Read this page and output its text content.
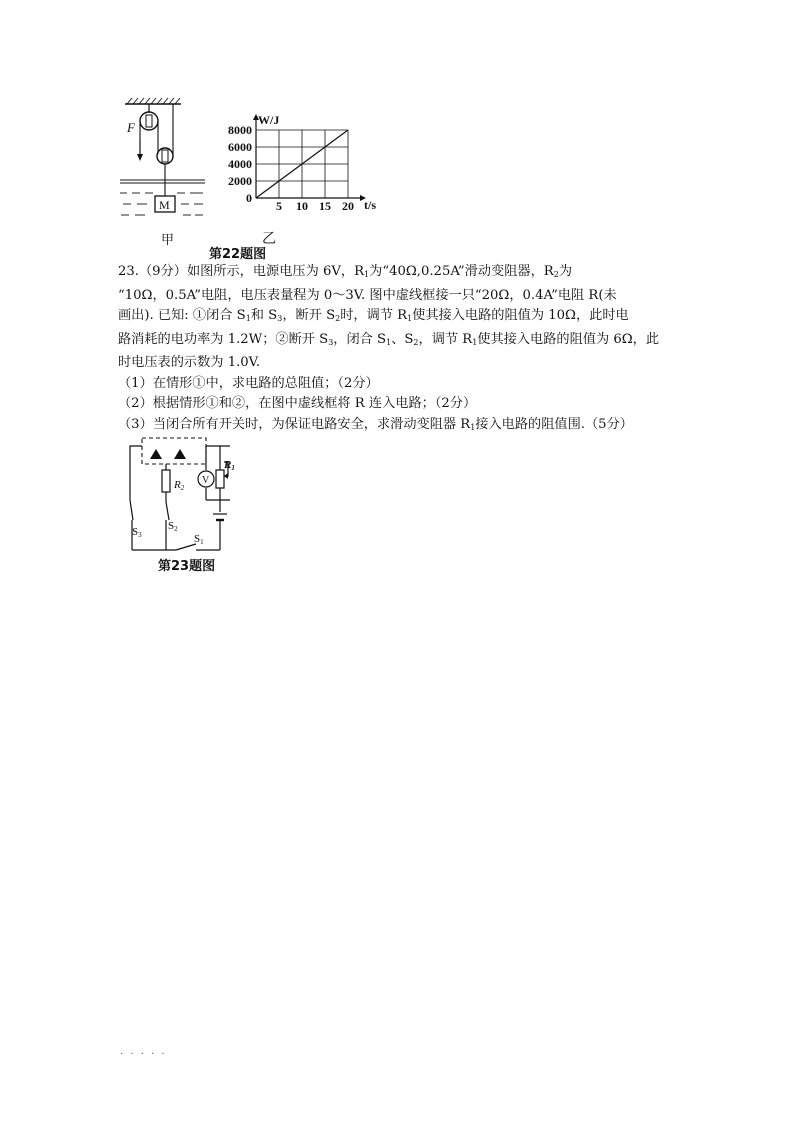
F
M
甲
5 10 15 20
8000
6000
4000
2000
0
W/J
t/s
乙
第22题图

23.（9分）如图所示，电源电压为 6V，$R_1$为“40Ω,0.25A”滑动变阻器，$R_2$为

“10Ω，0.5A”电阻，电压表量程为 0～3V. 图中虚线框接一只“20Ω，0.4A”电阻 R(未

画出). 已知: ①闭合 $S_1$和 $S_3$，断开 $S_2$时，调节 $R_1$使其接入电路的阻值为 10Ω，此时电

路消耗的电功率为 1.2W；②断开 $S_3$，闭合 $S_1$、$S_2$，调节 $R_1$使其接入电路的阻值为 6Ω，此

时电压表的示数为 1.0V.

（1）在情形①中，求电路的总阻值；（2分）

（2）根据情形①和②，在图中虚线框将 R 连入电路；（2分）

（3）当闭合所有开关时，为保证电路安全，求滑动变阻器 $R_1$接入电路的阻值围.（5分）

R2
V
R1
S3
S2
S1
第23题图
. . . . .
